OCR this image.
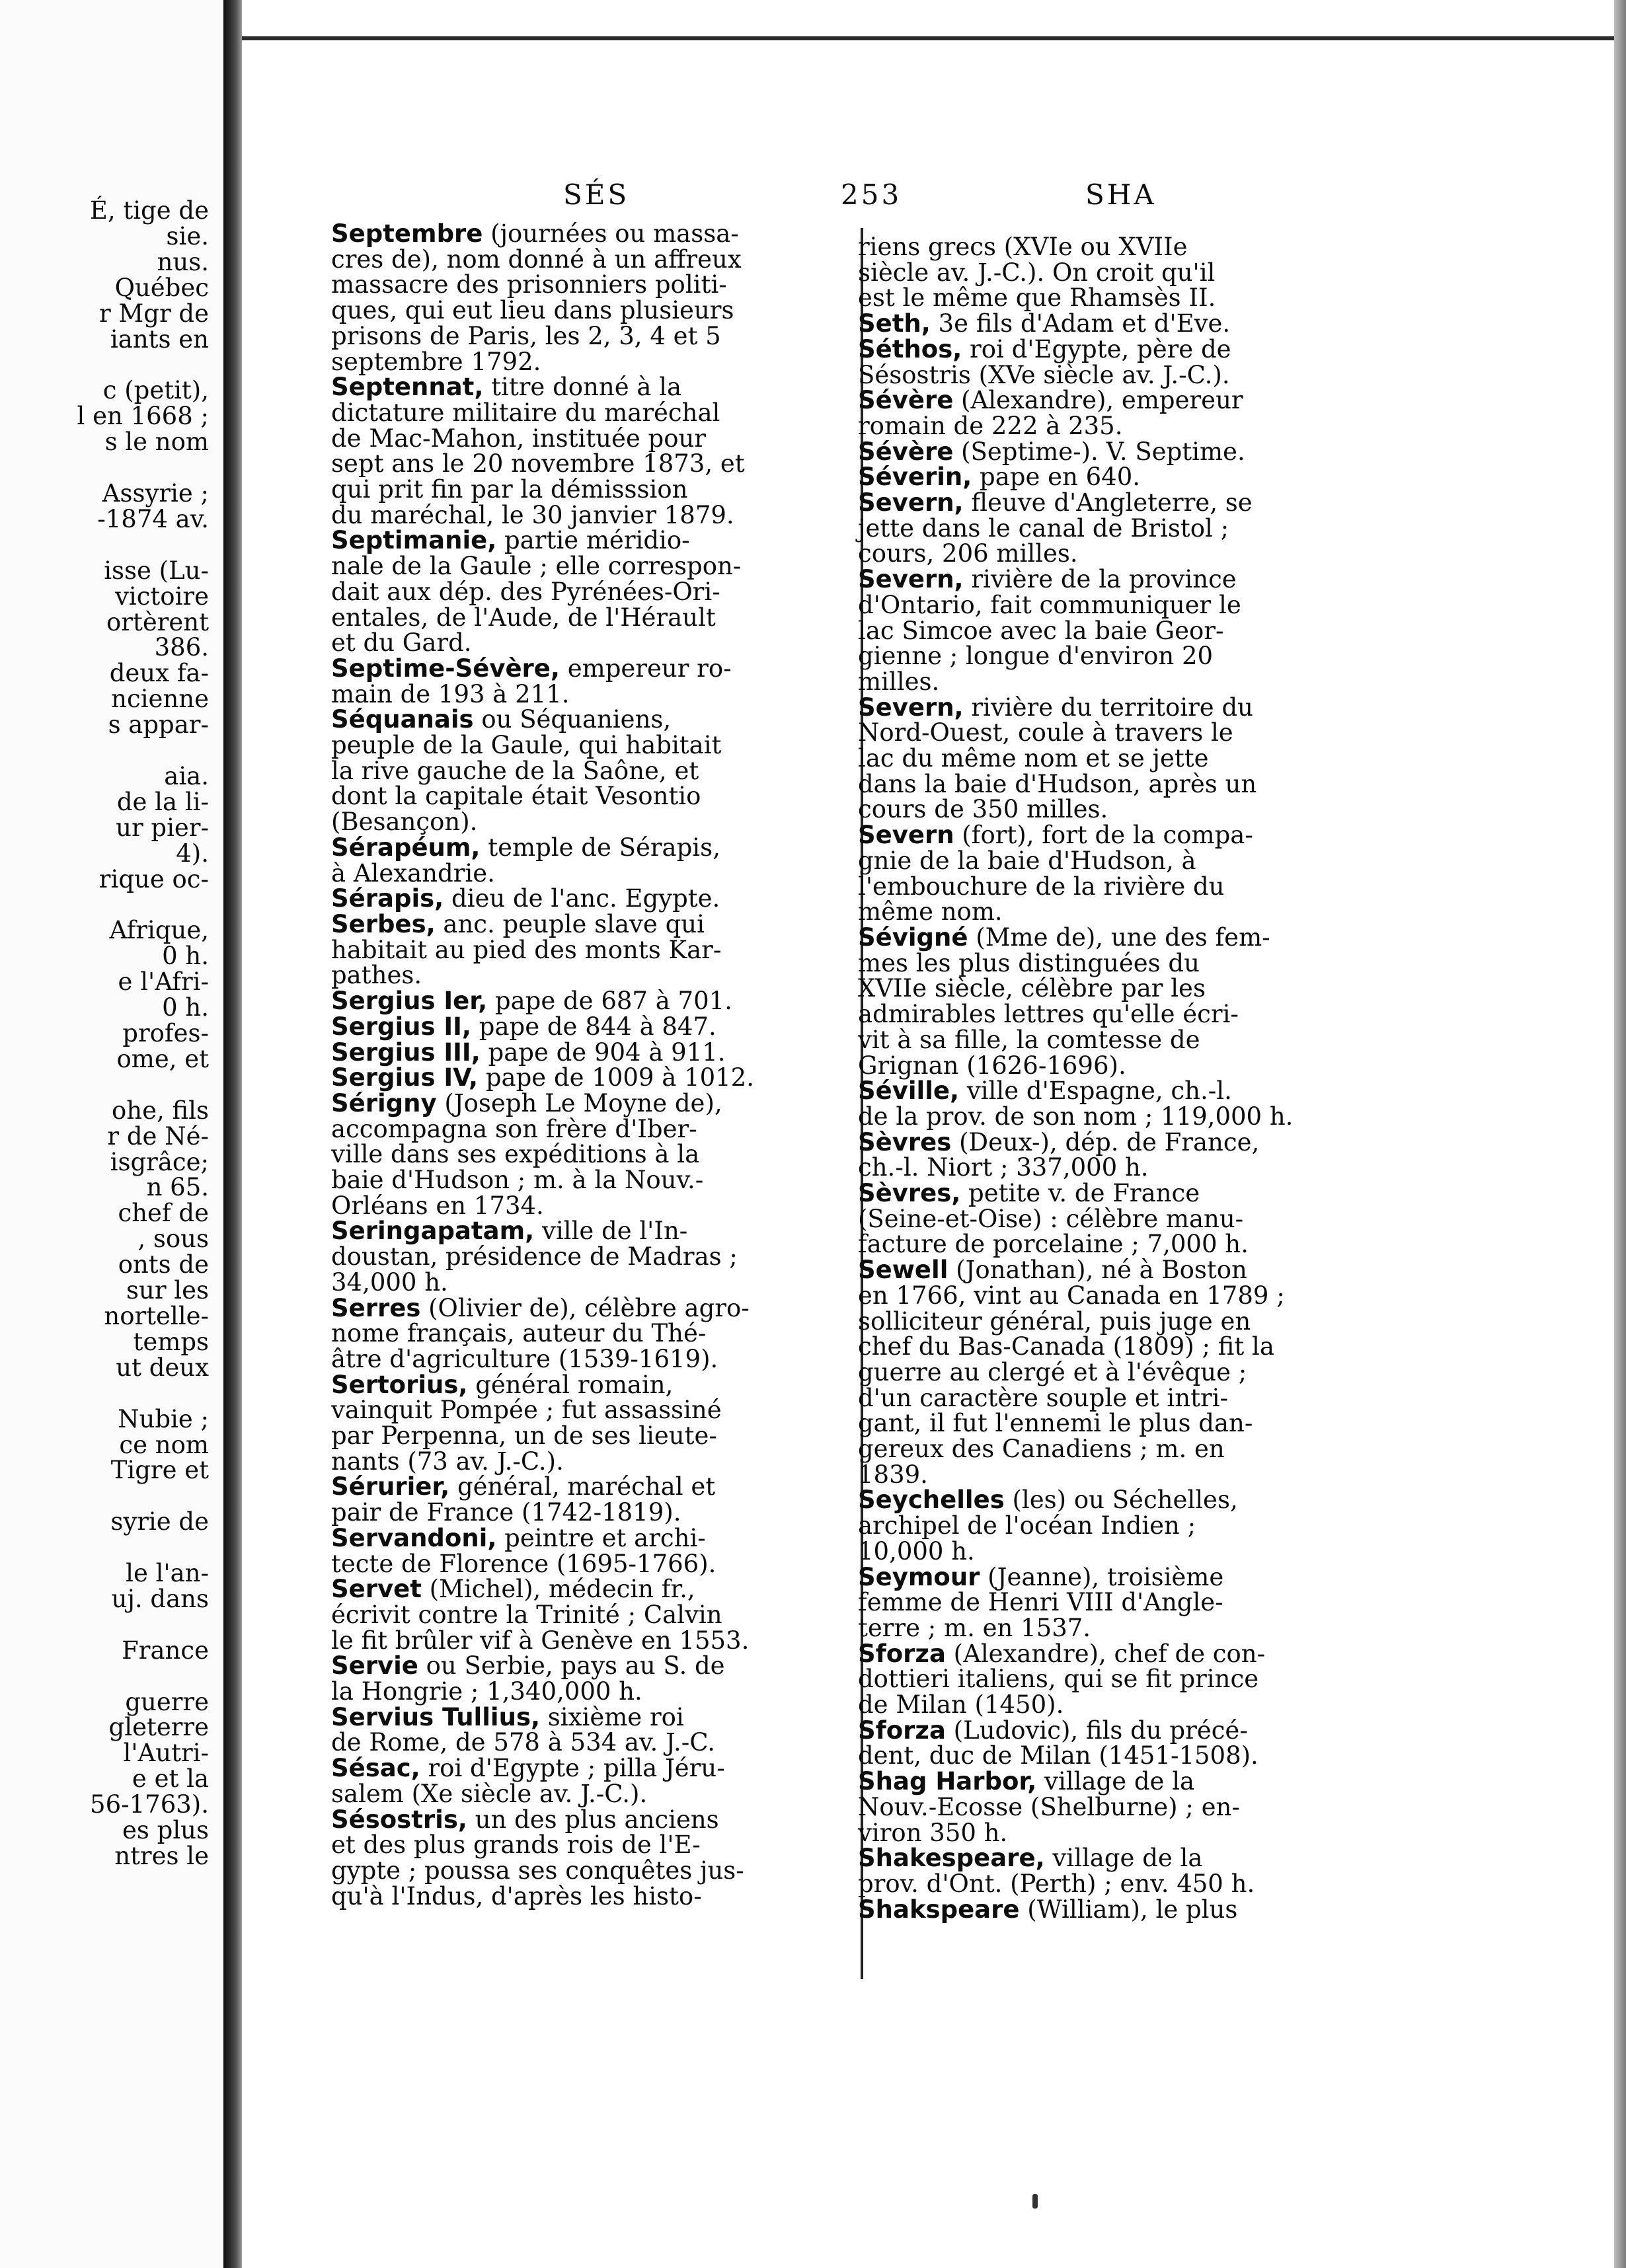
É, tige de
sie.
nus.
Québec
r Mgr de
iants en

c (petit),
l en 1668 ;
s le nom

Assyrie ;
-1874 av.

isse (Lu-
victoire
ortèrent
386.
deux fa-
ncienne
s appar-

aia.
de la li-
ur pier-
4).
rique oc-

Afrique,
0 h.
e l'Afri-
0 h.
profes-
ome, et

ohe, fils
r de Né-
isgrâce;
n 65.
chef de
, sous
onts de
sur les
nortelle-
temps
ut deux

Nubie ;
ce nom
Tigre et

syrie de

le l'an-
uj. dans

France

guerre
gleterre
l'Autri-
e et la
56-1763).
es plus
ntres le
SÉS	253	SHA
Septembre (journées ou massa-
cres de), nom donné à un affreux
massacre des prisonniers politi-
ques, qui eut lieu dans plusieurs
prisons de Paris, les 2, 3, 4 et 5
septembre 1792.
Septennat, titre donné à la
dictature militaire du maréchal
de Mac-Mahon, instituée pour
sept ans le 20 novembre 1873, et
qui prit fin par la démisssion
du maréchal, le 30 janvier 1879.
Septimanie, partie méridio-
nale de la Gaule ; elle correspon-
dait aux dép. des Pyrénées-Ori-
entales, de l'Aude, de l'Hérault
et du Gard.
Septime-Sévère, empereur ro-
main de 193 à 211.
Séquanais ou Séquaniens,
peuple de la Gaule, qui habitait
la rive gauche de la Saône, et
dont la capitale était Vesontio
(Besançon).
Sérapéum, temple de Sérapis,
à Alexandrie.
Sérapis, dieu de l'anc. Egypte.
Serbes, anc. peuple slave qui
habitait au pied des monts Kar-
pathes.
Sergius Ier, pape de 687 à 701.
Sergius II, pape de 844 à 847.
Sergius III, pape de 904 à 911.
Sergius IV, pape de 1009 à 1012.
Sérigny (Joseph Le Moyne de),
accompagna son frère d'Iber-
ville dans ses expéditions à la
baie d'Hudson ; m. à la Nouv.-
Orléans en 1734.
Seringapatam, ville de l'In-
doustan, présidence de Madras ;
34,000 h.
Serres (Olivier de), célèbre agro-
nome français, auteur du Thé-
âtre d'agriculture (1539-1619).
Sertorius, général romain,
vainquit Pompée ; fut assassiné
par Perpenna, un de ses lieute-
nants (73 av. J.-C.).
Sérurier, général, maréchal et
pair de France (1742-1819).
Servandoni, peintre et archi-
tecte de Florence (1695-1766).
Servet (Michel), médecin fr.,
écrivit contre la Trinité ; Calvin
le fit brûler vif à Genève en 1553.
Servie ou Serbie, pays au S. de
la Hongrie ; 1,340,000 h.
Servius Tullius, sixième roi
de Rome, de 578 à 534 av. J.-C.
Sésac, roi d'Egypte ; pilla Jéru-
salem (Xe siècle av. J.-C.).
Sésostris, un des plus anciens
et des plus grands rois de l'E-
gypte ; poussa ses conquêtes jus-
qu'à l'Indus, d'après les histo-
riens grecs (XVIe ou XVIIe
siècle av. J.-C.). On croit qu'il
est le même que Rhamsès II.
Seth, 3e fils d'Adam et d'Eve.
Séthos, roi d'Egypte, père de
Sésostris (XVe siècle av. J.-C.).
Sévère (Alexandre), empereur
romain de 222 à 235.
Sévère (Septime-). V. Septime.
Séverin, pape en 640.
Severn, fleuve d'Angleterre, se
jette dans le canal de Bristol ;
cours, 206 milles.
Severn, rivière de la province
d'Ontario, fait communiquer le
lac Simcoe avec la baie Geor-
gienne ; longue d'environ 20
milles.
Severn, rivière du territoire du
Nord-Ouest, coule à travers le
lac du même nom et se jette
dans la baie d'Hudson, après un
cours de 350 milles.
Severn (fort), fort de la compa-
gnie de la baie d'Hudson, à
l'embouchure de la rivière du
même nom.
Sévigné (Mme de), une des fem-
mes les plus distinguées du
XVIIe siècle, célèbre par les
admirables lettres qu'elle écri-
vit à sa fille, la comtesse de
Grignan (1626-1696).
Séville, ville d'Espagne, ch.-l.
de la prov. de son nom ; 119,000 h.
Sèvres (Deux-), dép. de France,
ch.-l. Niort ; 337,000 h.
Sèvres, petite v. de France
(Seine-et-Oise) : célèbre manu-
facture de porcelaine ; 7,000 h.
Sewell (Jonathan), né à Boston
en 1766, vint au Canada en 1789 ;
solliciteur général, puis juge en
chef du Bas-Canada (1809) ; fit la
guerre au clergé et à l'évêque ;
d'un caractère souple et intri-
gant, il fut l'ennemi le plus dan-
gereux des Canadiens ; m. en
1839.
Seychelles (les) ou Séchelles,
archipel de l'océan Indien ;
10,000 h.
Seymour (Jeanne), troisième
femme de Henri VIII d'Angle-
terre ; m. en 1537.
Sforza (Alexandre), chef de con-
dottieri italiens, qui se fit prince
de Milan (1450).
Sforza (Ludovic), fils du précé-
dent, duc de Milan (1451-1508).
Shag Harbor, village de la
Nouv.-Ecosse (Shelburne) ; en-
viron 350 h.
Shakespeare, village de la
prov. d'Ont. (Perth) ; env. 450 h.
Shakspeare (William), le plus
